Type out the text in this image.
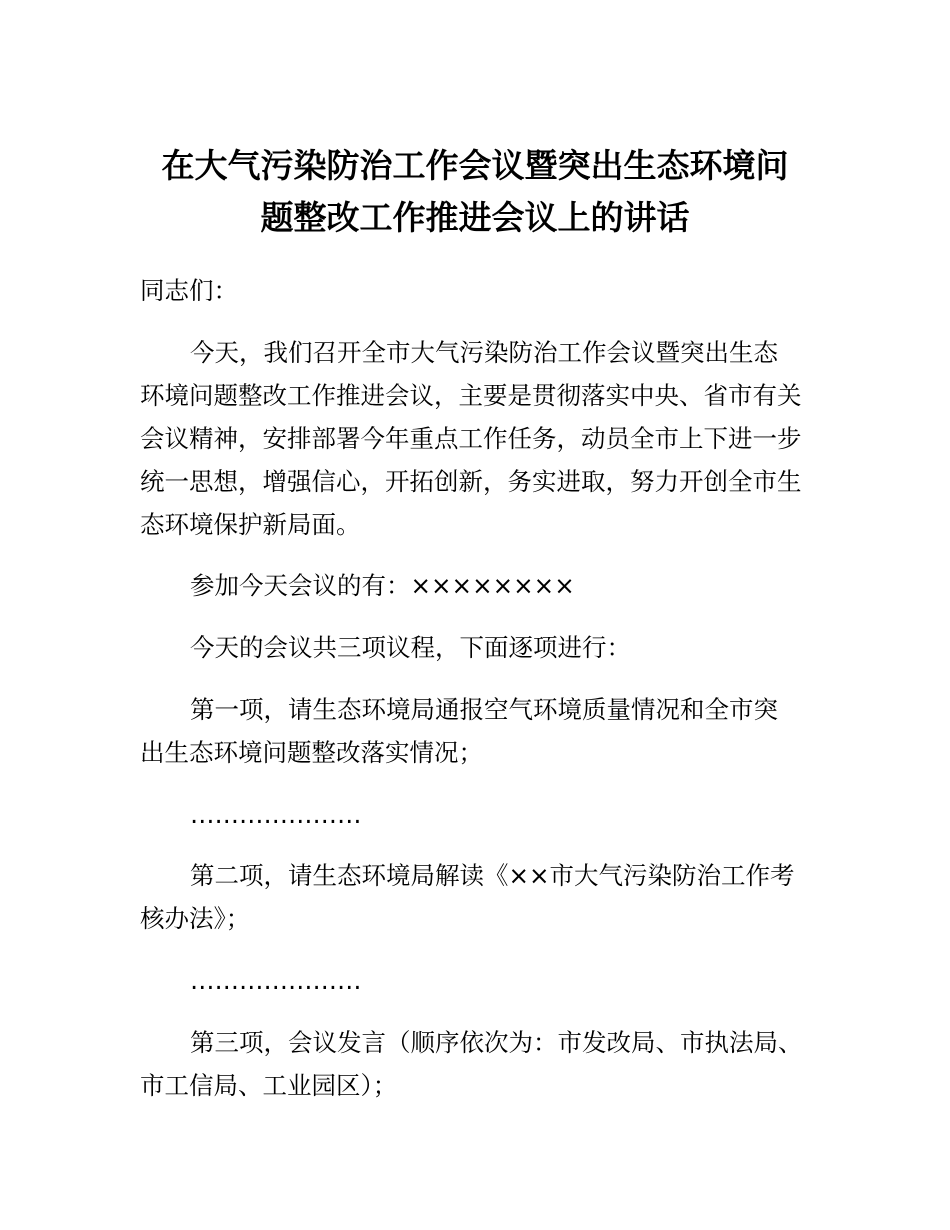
在大气污染防治工作会议暨突出生态环境问
题整改工作推进会议上的讲话

同志们：

今天，我们召开全市大气污染防治工作会议暨突出生态

环境问题整改工作推进会议，主要是贯彻落实中央、省市有关

会议精神，安排部署今年重点工作任务，动员全市上下进一步

统一思想，增强信心，开拓创新，务实进取，努力开创全市生

态环境保护新局面。

参加今天会议的有：××××××××

今天的会议共三项议程，下面逐项进行：

第一项，请生态环境局通报空气环境质量情况和全市突

出生态环境问题整改落实情况；

…………………

第二项，请生态环境局解读《××市大气污染防治工作考

核办法》；

…………………

第三项，会议发言（顺序依次为：市发改局、市执法局、

市工信局、工业园区）；
